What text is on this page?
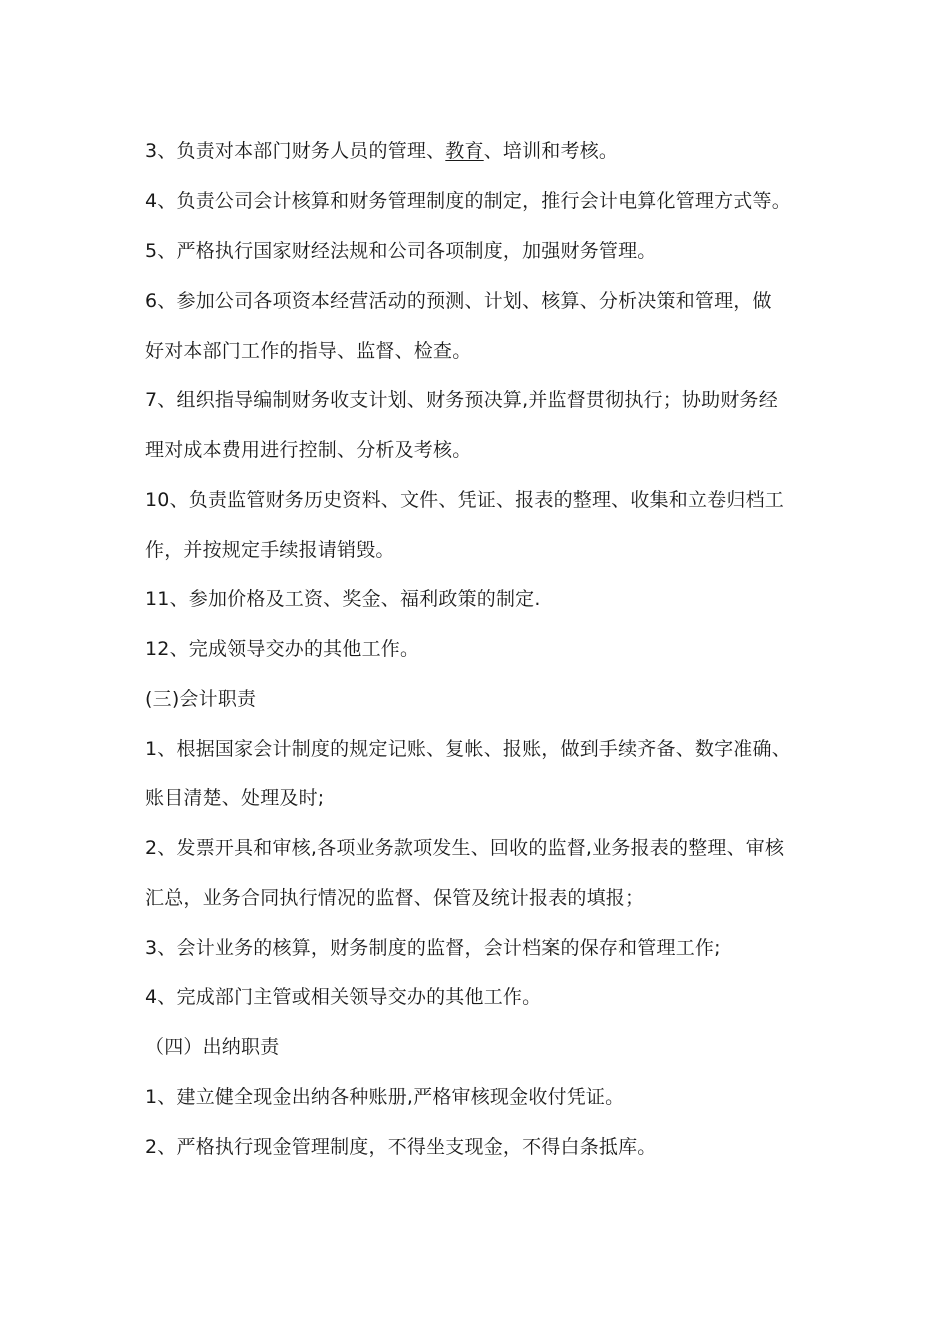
3、负责对本部门财务人员的管理、教育、培训和考核。
4、负责公司会计核算和财务管理制度的制定，推行会计电算化管理方式等。
5、严格执行国家财经法规和公司各项制度，加强财务管理。
6、参加公司各项资本经营活动的预测、计划、核算、分析决策和管理，做
好对本部门工作的指导、监督、检查。
7、组织指导编制财务收支计划、财务预决算,并监督贯彻执行；协助财务经
理对成本费用进行控制、分析及考核。
10、负责监管财务历史资料、文件、凭证、报表的整理、收集和立卷归档工
作，并按规定手续报请销毁。
11、参加价格及工资、奖金、福利政策的制定.
12、完成领导交办的其他工作。
(三)会计职责
1、根据国家会计制度的规定记账、复帐、报账，做到手续齐备、数字准确、
账目清楚、处理及时;
2、发票开具和审核,各项业务款项发生、回收的监督,业务报表的整理、审核
汇总，业务合同执行情况的监督、保管及统计报表的填报；
3、会计业务的核算，财务制度的监督，会计档案的保存和管理工作;
4、完成部门主管或相关领导交办的其他工作。
（四）出纳职责
1、建立健全现金出纳各种账册,严格审核现金收付凭证。
2、严格执行现金管理制度，不得坐支现金，不得白条抵库。
